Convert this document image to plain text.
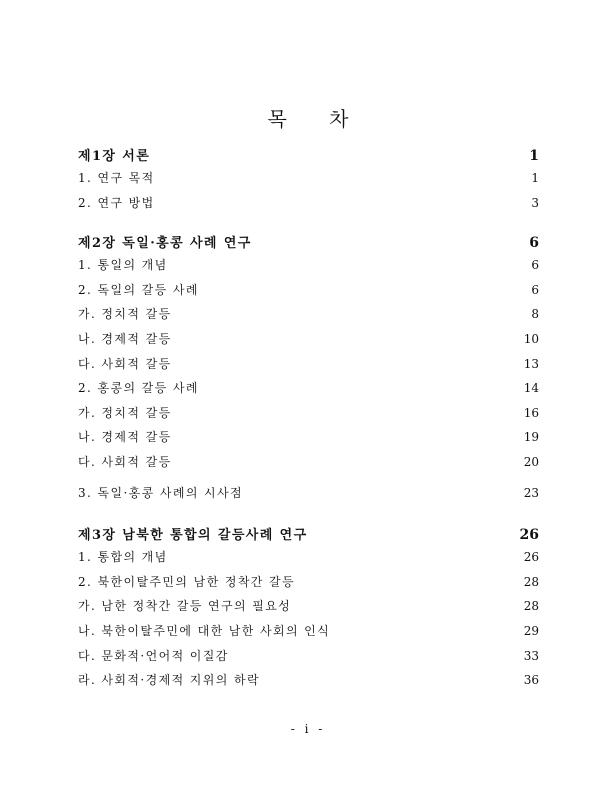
목 차
제1장 서론	1
1. 연구 목적	1
2. 연구 방법	3
제2장 독일·홍콩 사례 연구	6
1. 통일의 개념	6
2. 독일의 갈등 사례	6
가. 정치적 갈등	8
나. 경제적 갈등	10
다. 사회적 갈등	13
2. 홍콩의 갈등 사례	14
가. 정치적 갈등	16
나. 경제적 갈등	19
다. 사회적 갈등	20
3. 독일·홍콩 사례의 시사점	23
제3장 남북한 통합의 갈등사례 연구	26
1. 통합의 개념	26
2. 북한이탈주민의 남한 정착간 갈등	28
가. 남한 정착간 갈등 연구의 필요성	28
나. 북한이탈주민에 대한 남한 사회의 인식	29
다. 문화적·언어적 이질감	33
라. 사회적·경제적 지위의 하락	36
- i -
